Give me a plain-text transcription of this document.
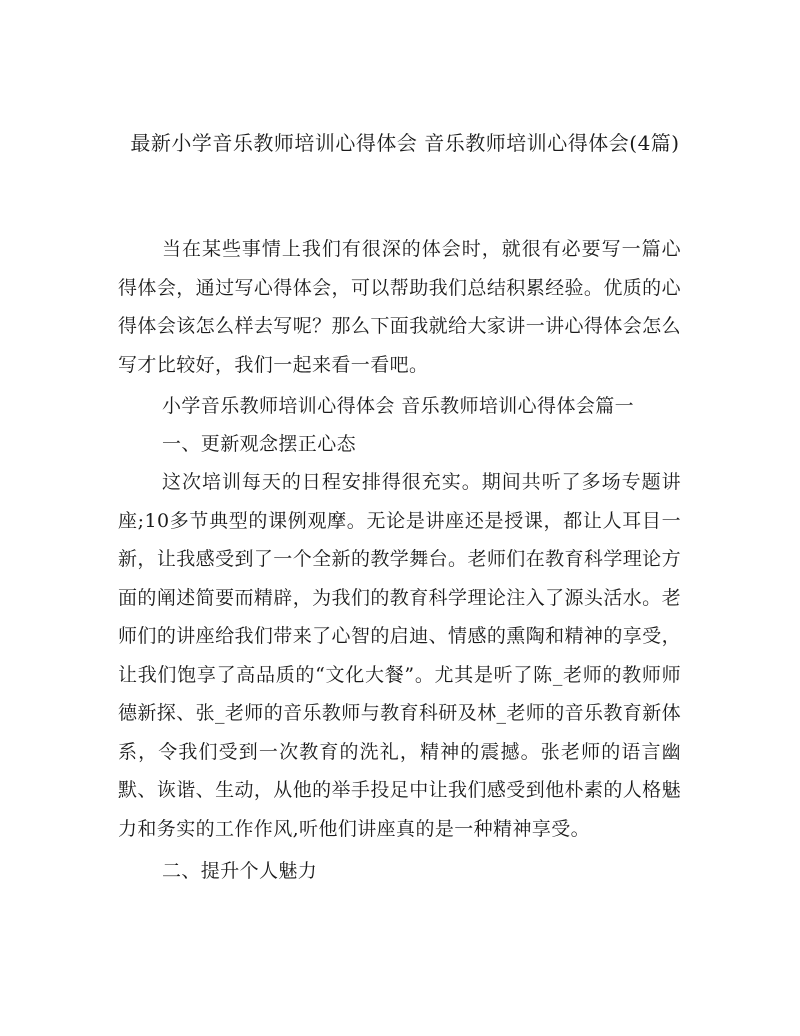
最新小学音乐教师培训心得体会 音乐教师培训心得体会(4篇)

当在某些事情上我们有很深的体会时，就很有必要写一篇心得体会，通过写心得体会，可以帮助我们总结积累经验。优质的心得体会该怎么样去写呢？那么下面我就给大家讲一讲心得体会怎么写才比较好，我们一起来看一看吧。

小学音乐教师培训心得体会 音乐教师培训心得体会篇一

一、更新观念摆正心态

这次培训每天的日程安排得很充实。期间共听了多场专题讲座;10多节典型的课例观摩。无论是讲座还是授课，都让人耳目一新，让我感受到了一个全新的教学舞台。老师们在教育科学理论方面的阐述简要而精辟，为我们的教育科学理论注入了源头活水。老师们的讲座给我们带来了心智的启迪、情感的熏陶和精神的享受，让我们饱享了高品质的“文化大餐”。尤其是听了陈_老师的教师师德新探、张_老师的音乐教师与教育科研及林_老师的音乐教育新体系，令我们受到一次教育的洗礼，精神的震撼。张老师的语言幽默、诙谐、生动，从他的举手投足中让我们感受到他朴素的人格魅力和务实的工作作风,听他们讲座真的是一种精神享受。

二、提升个人魅力
